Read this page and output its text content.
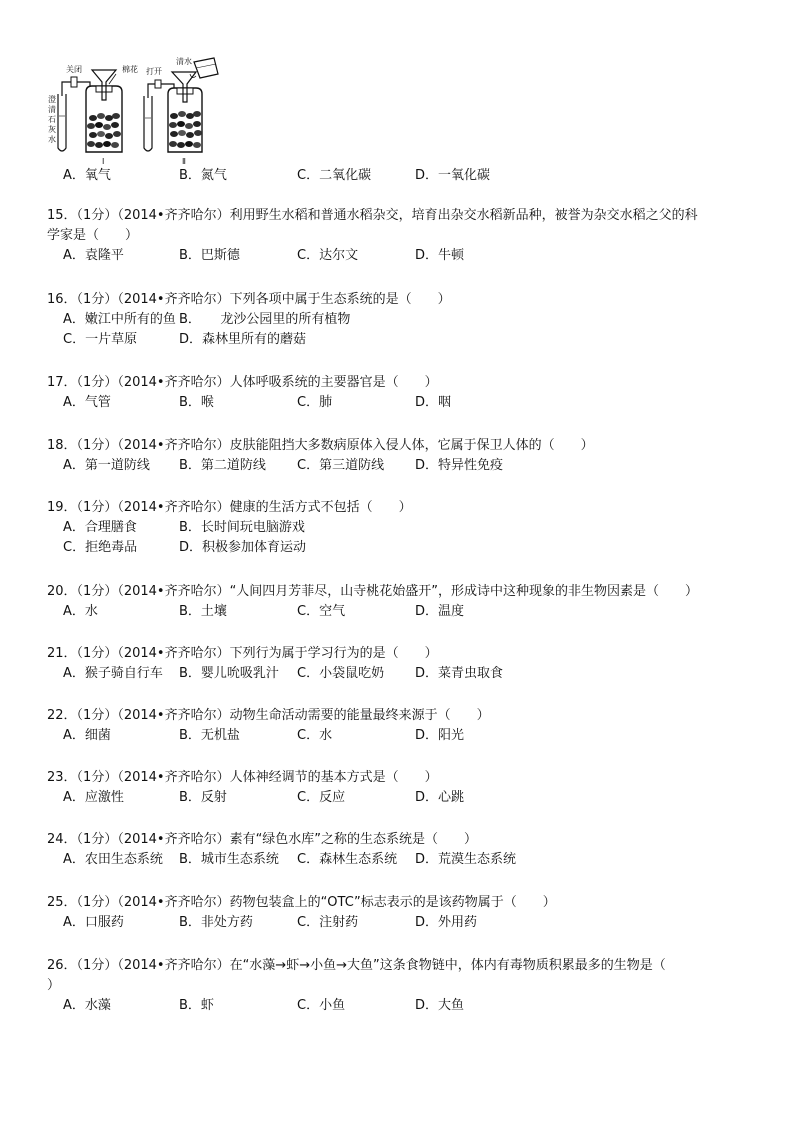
澄
清
石
灰
水
关闭	棉花
Ⅰ
打开
Ⅱ
清水
A．氧气	B．氮气	C．二氧化碳	D．一氧化碳
15．（1分）（2014•齐齐哈尔）利用野生水稻和普通水稻杂交，培育出杂交水稻新品种，被誉为杂交水稻之父的科
学家是（　　）
A．袁隆平	B．巴斯德	C．达尔文	D．牛顿
16．（1分）（2014•齐齐哈尔）下列各项中属于生态系统的是（　　）
A．嫩江中所有的鱼 B．　　龙沙公园里的所有植物
C．一片草原	D．森林里所有的蘑菇
17．（1分）（2014•齐齐哈尔）人体呼吸系统的主要器官是（　　）
A．气管	B．喉	C．肺	D．咽
18．（1分）（2014•齐齐哈尔）皮肤能阻挡大多数病原体入侵人体，它属于保卫人体的（　　）
A．第一道防线 B．第二道防线 C．第三道防线 D．特异性免疫
19．（1分）（2014•齐齐哈尔）健康的生活方式不包括（　　）
A．合理膳食	B．长时间玩电脑游戏
C．拒绝毒品	D．积极参加体育运动
20．（1分）（2014•齐齐哈尔）“人间四月芳菲尽，山寺桃花始盛开”，形成诗中这种现象的非生物因素是（　　）
A．水	B．土壤	C．空气	D．温度
21．（1分）（2014•齐齐哈尔）下列行为属于学习行为的是（　　）
A．猴子骑自行车 B．婴儿吮吸乳汁 C．小袋鼠吃奶 D．菜青虫取食
22．（1分）（2014•齐齐哈尔）动物生命活动需要的能量最终来源于（　　）
A．细菌	B．无机盐	C．水	D．阳光
23．（1分）（2014•齐齐哈尔）人体神经调节的基本方式是（　　）
A．应激性	B．反射	C．反应	D．心跳
24．（1分）（2014•齐齐哈尔）素有“绿色水库”之称的生态系统是（　　）
A．农田生态系统 B．城市生态系统 C．森林生态系统 D．荒漠生态系统
25．（1分）（2014•齐齐哈尔）药物包装盒上的“OTC”标志表示的是该药物属于（　　）
A．口服药	B．非处方药	C．注射药	D．外用药
26．（1分）（2014•齐齐哈尔）在“水藻→虾→小鱼→大鱼”这条食物链中，体内有毒物质积累最多的生物是（
）
A．水藻	B．虾	C．小鱼	D．大鱼
